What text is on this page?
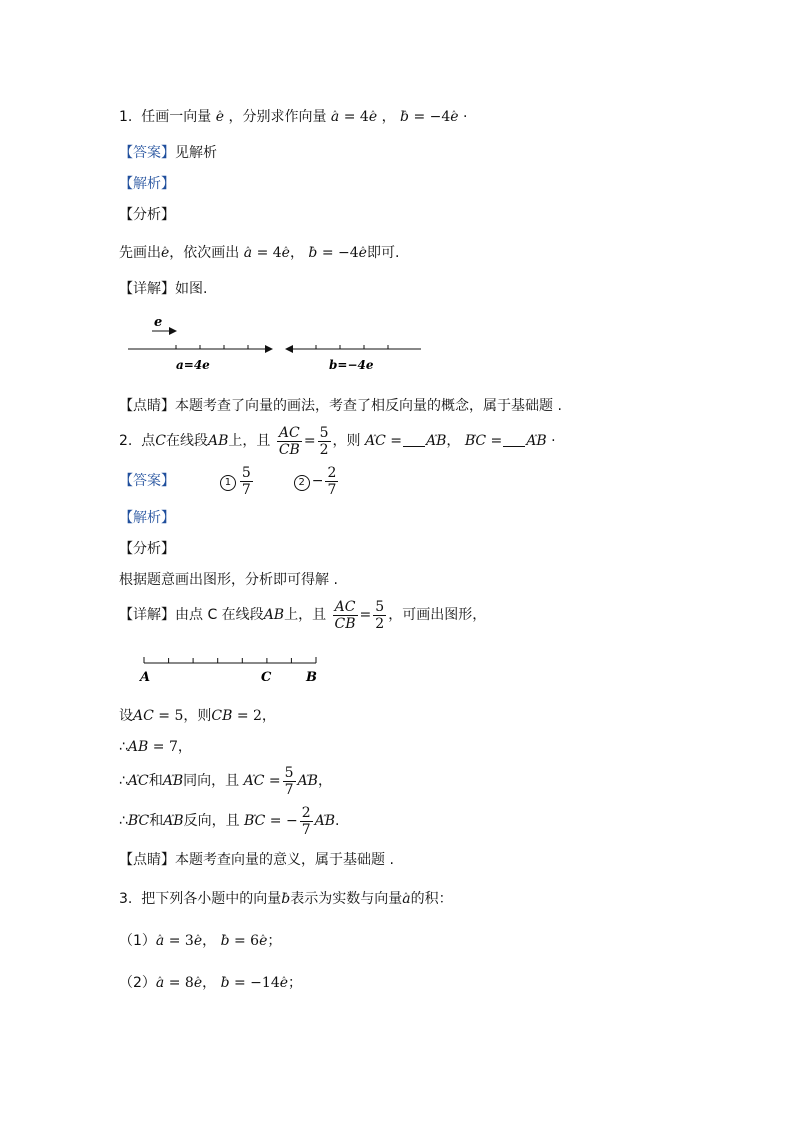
1. 任画一向量 ˇ e ，分别求作向量 ˇ a = 4ˇ e ， ˇ b = −4ˇ e ·
【答案】见解析
【解析】
【分析】
先画出ˇ e，依次画出 ˇ a = 4ˇ e， ˇ b = −4ˇ e即可.
【详解】如图.
e
a=4e	b=−4e
【点睛】本题考查了向量的画法，考查了相反向量的概念，属于基础题 .
2. 点C在线段AB上，且 $\frac{AC}{CB} = \frac{5}{2}$ ，则 ˇ AC = ˇ AB， ˇ BC = ˇ AB ·
【答案】	$1 \frac{5}{7}$	$2 - \frac{2}{7}$
【解析】
【分析】
根据题意画出图形，分析即可得解 .
【详解】由点 C 在线段AB上，且 $\frac{AC}{CB} = \frac{5}{2}$ ，可画出图形，
A	C	B
设AC = 5，则CB = 2，
∴AB = 7，
∴ˇ AC和ˇ AB同向，且 ˇ AC = $\frac{5}{7}$ ˇ AB，
∴ˇ BC和ˇ AB反向，且 ˇ BC = − $\frac{2}{7}$ ˇ AB.
【点睛】本题考查向量的意义，属于基础题 .
3. 把下列各小题中的向量ˇ b表示为实数与向量ˇ a的积：
（1）ˇ a = 3ˇ e， ˇ b = 6ˇ e；
（2）ˇ a = 8ˇ e， ˇ b = −14ˇ e；
